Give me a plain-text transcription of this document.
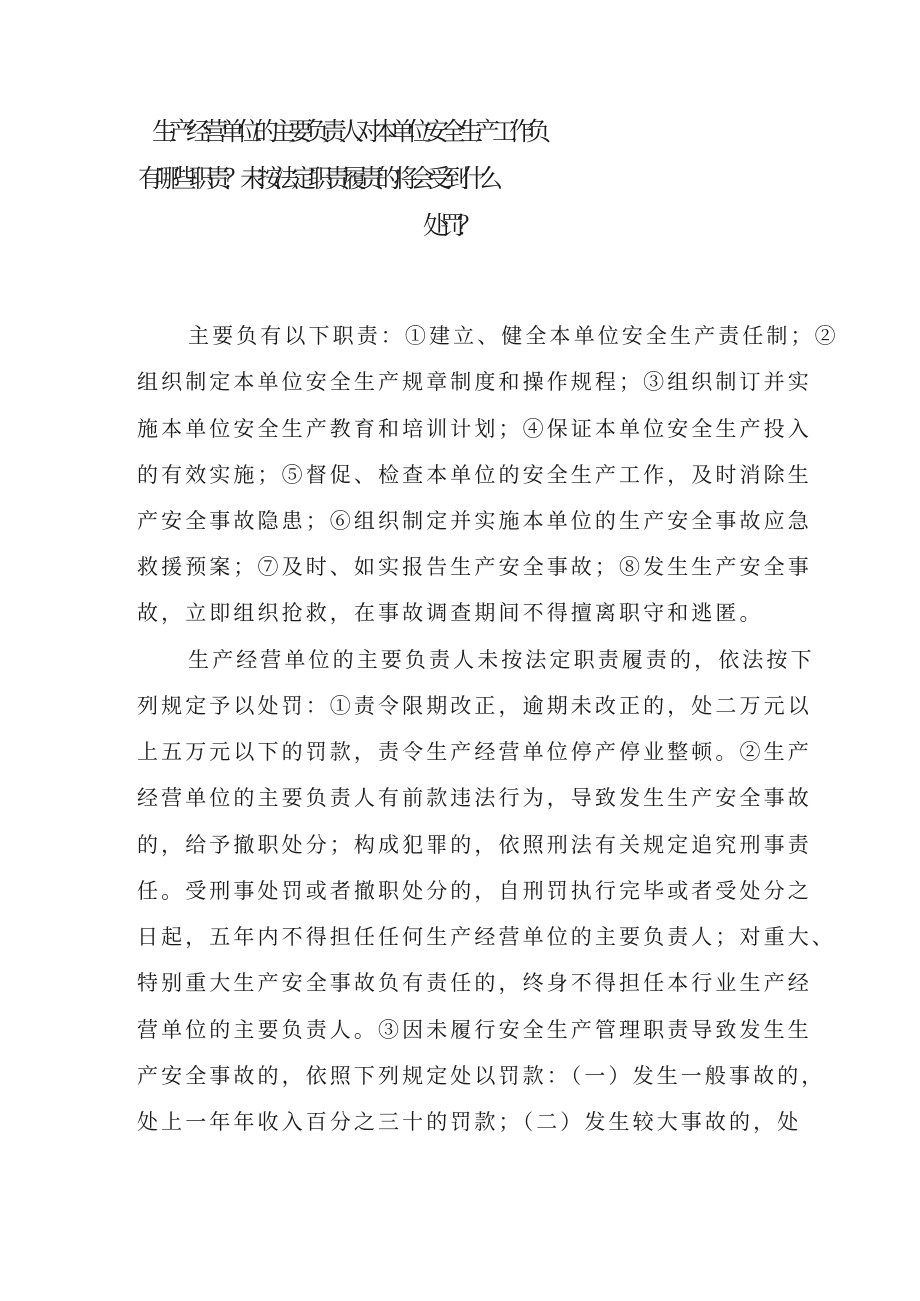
生产经营单位的主要负责人对本单位安全生产工作负
有哪些职责？未按法定职责履责的将会受到什么
处罚？

主要负有以下职责：①建立、健全本单位安全生产责任制；②

组织制定本单位安全生产规章制度和操作规程；③组织制订并实

施本单位安全生产教育和培训计划；④保证本单位安全生产投入

的有效实施；⑤督促、检查本单位的安全生产工作，及时消除生

产安全事故隐患；⑥组织制定并实施本单位的生产安全事故应急

救援预案；⑦及时、如实报告生产安全事故；⑧发生生产安全事

故，立即组织抢救，在事故调查期间不得擅离职守和逃匿。

生产经营单位的主要负责人未按法定职责履责的，依法按下

列规定予以处罚：①责令限期改正，逾期未改正的，处二万元以

上五万元以下的罚款，责令生产经营单位停产停业整顿。②生产

经营单位的主要负责人有前款违法行为，导致发生生产安全事故

的，给予撤职处分；构成犯罪的，依照刑法有关规定追究刑事责

任。受刑事处罚或者撤职处分的，自刑罚执行完毕或者受处分之

日起，五年内不得担任任何生产经营单位的主要负责人；对重大、

特别重大生产安全事故负有责任的，终身不得担任本行业生产经

营单位的主要负责人。③因未履行安全生产管理职责导致发生生

产安全事故的，依照下列规定处以罚款：（一）发生一般事故的，

处上一年年收入百分之三十的罚款；（二）发生较大事故的，处
